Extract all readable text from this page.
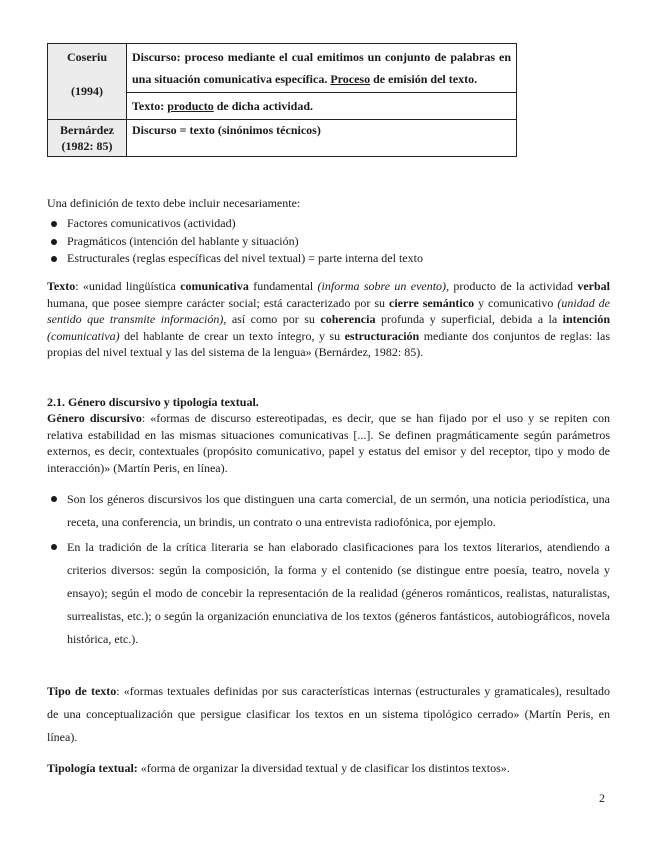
Coseriu
(1994)	Discurso: proceso mediante el cual emitimos un conjunto de palabras en una situación comunicativa específica. Proceso de emisión del texto.
	Texto: producto de dicha actividad.
Bernárdez
(1982: 85)	Discurso = texto (sinónimos técnicos)
Una definición de texto debe incluir necesariamente:
Factores comunicativos (actividad)
Pragmáticos (intención del hablante y situación)
Estructurales (reglas específicas del nivel textual) = parte interna del texto
Texto: «unidad lingüística comunicativa fundamental (informa sobre un evento), producto de la actividad verbal humana, que posee siempre carácter social; está caracterizado por su cierre semántico y comunicativo (unidad de sentido que transmite información), así como por su coherencia profunda y superficial, debida a la intención (comunicativa) del hablante de crear un texto íntegro, y su estructuración mediante dos conjuntos de reglas: las propias del nivel textual y las del sistema de la lengua» (Bernárdez, 1982: 85).
2.1. Género discursivo y tipología textual.
Género discursivo: «formas de discurso estereotipadas, es decir, que se han fijado por el uso y se repiten con relativa estabilidad en las mismas situaciones comunicativas [...]. Se definen pragmáticamente según parámetros externos, es decir, contextuales (propósito comunicativo, papel y estatus del emisor y del receptor, tipo y modo de interacción)» (Martín Peris, en línea).
Son los géneros discursivos los que distinguen una carta comercial, de un sermón, una noticia periodística, una receta, una conferencia, un brindis, un contrato o una entrevista radiofónica, por ejemplo.
En la tradición de la crítica literaria se han elaborado clasificaciones para los textos literarios, atendiendo a criterios diversos: según la composición, la forma y el contenido (se distingue entre poesía, teatro, novela y ensayo); según el modo de concebir la representación de la realidad (géneros románticos, realistas, naturalistas, surrealistas, etc.); o según la organización enunciativa de los textos (géneros fantásticos, autobiográficos, novela histórica, etc.).
Tipo de texto: «formas textuales definidas por sus características internas (estructurales y gramaticales), resultado de una conceptualización que persigue clasificar los textos en un sistema tipológico cerrado» (Martín Peris, en línea).
Tipología textual: «forma de organizar la diversidad textual y de clasificar los distintos textos».
2
